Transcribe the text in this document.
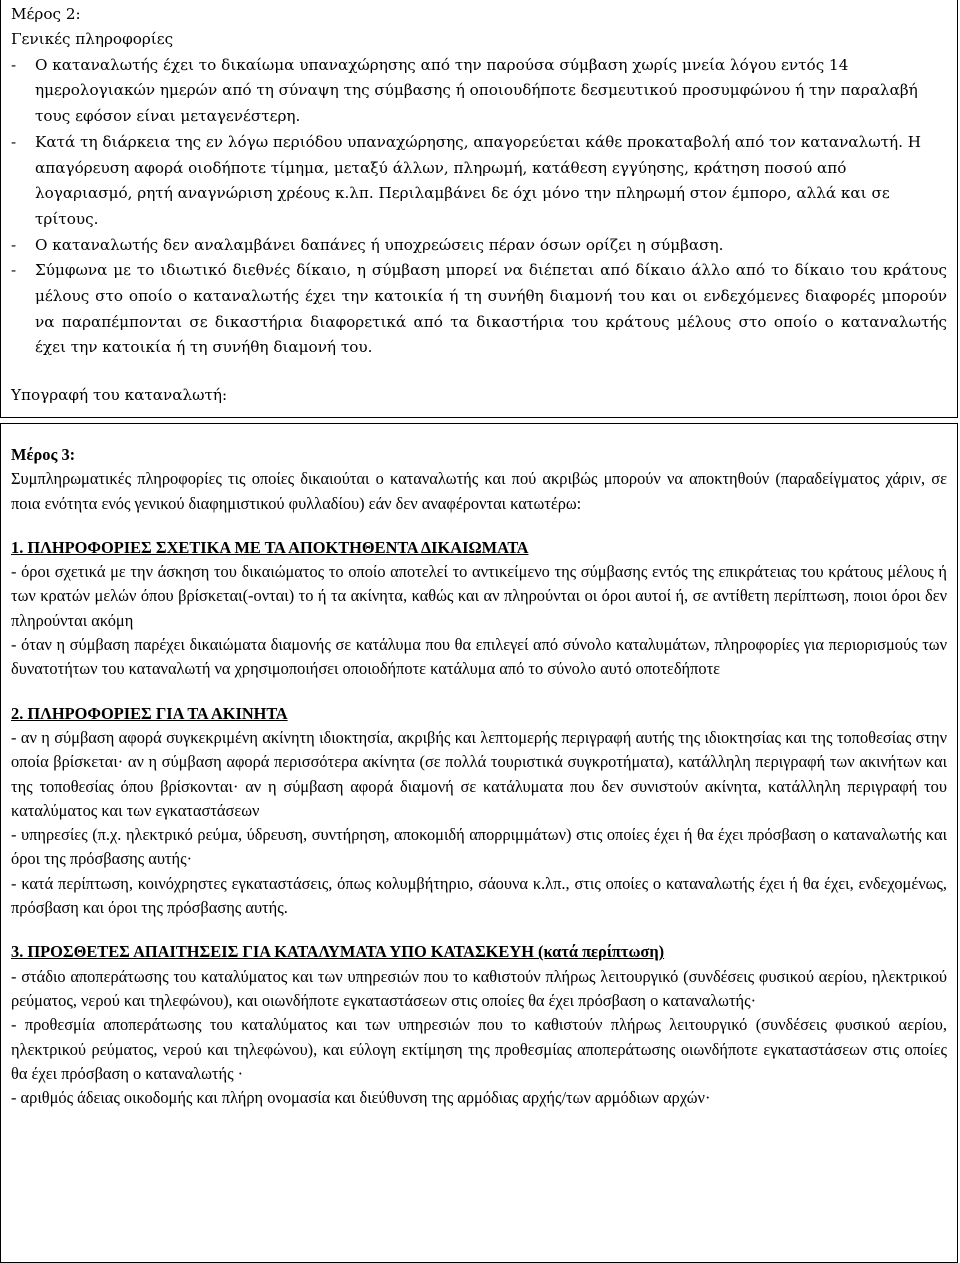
Μέρος 2:
Γενικές πληροφορίες
-	Ο καταναλωτής έχει το δικαίωμα υπαναχώρησης από την παρούσα σύμβαση χωρίς μνεία λόγου εντός 14 ημερολογιακών ημερών από τη σύναψη της σύμβασης ή οποιουδήποτε δεσμευτικού προσυμφώνου ή την παραλαβή τους εφόσον είναι μεταγενέστερη.
-	Κατά τη διάρκεια της εν λόγω περιόδου υπαναχώρησης, απαγορεύεται κάθε προκαταβολή από τον καταναλωτή. Η απαγόρευση αφορά οιοδήποτε τίμημα, μεταξύ άλλων, πληρωμή, κατάθεση εγγύησης, κράτηση ποσού από λογαριασμό, ρητή αναγνώριση χρέους κ.λπ. Περιλαμβάνει δε όχι μόνο την πληρωμή στον έμπορο, αλλά και σε τρίτους.
-	Ο καταναλωτής δεν αναλαμβάνει δαπάνες ή υποχρεώσεις πέραν όσων ορίζει η σύμβαση.
-	Σύμφωνα με το ιδιωτικό διεθνές δίκαιο, η σύμβαση μπορεί να διέπεται από δίκαιο άλλο από το δίκαιο του κράτους μέλους στο οποίο ο καταναλωτής έχει την κατοικία ή τη συνήθη διαμονή του και οι ενδεχόμενες διαφορές μπορούν να παραπέμπονται σε δικαστήρια διαφορετικά από τα δικαστήρια του κράτους μέλους στο οποίο ο καταναλωτής έχει την κατοικία ή τη συνήθη διαμονή του.
Υπογραφή του καταναλωτή:
Μέρος 3:
Συμπληρωματικές πληροφορίες τις οποίες δικαιούται ο καταναλωτής και πού ακριβώς μπορούν να αποκτηθούν (παραδείγματος χάριν, σε ποια ενότητα ενός γενικού διαφημιστικού φυλλαδίου) εάν δεν αναφέρονται κατωτέρω:
1. ΠΛΗΡΟΦΟΡΙΕΣ ΣΧΕΤΙΚΑ ΜΕ ΤΑ ΑΠΟΚΤΗΘΕΝΤΑ ΔΙΚΑΙΩΜΑΤΑ
- όροι σχετικά με την άσκηση του δικαιώματος το οποίο αποτελεί το αντικείμενο της σύμβασης εντός της επικράτειας του κράτους μέλους ή των κρατών μελών όπου βρίσκεται(-ονται) το ή τα ακίνητα, καθώς και αν πληρούνται οι όροι αυτοί ή, σε αντίθετη περίπτωση, ποιοι όροι δεν πληρούνται ακόμη
- όταν η σύμβαση παρέχει δικαιώματα διαμονής σε κατάλυμα που θα επιλεγεί από σύνολο καταλυμάτων, πληροφορίες για περιορισμούς των δυνατοτήτων του καταναλωτή να χρησιμοποιήσει οποιοδήποτε κατάλυμα από το σύνολο αυτό οποτεδήποτε
2. ΠΛΗΡΟΦΟΡΙΕΣ ΓΙΑ ΤΑ ΑΚΙΝΗΤΑ
- αν η σύμβαση αφορά συγκεκριμένη ακίνητη ιδιοκτησία, ακριβής και λεπτομερής περιγραφή αυτής της ιδιοκτησίας και της τοποθεσίας στην οποία βρίσκεται· αν η σύμβαση αφορά περισσότερα ακίνητα (σε πολλά τουριστικά συγκροτήματα), κατάλληλη περιγραφή των ακινήτων και της τοποθεσίας όπου βρίσκονται· αν η σύμβαση αφορά διαμονή σε κατάλυματα που δεν συνιστούν ακίνητα, κατάλληλη περιγραφή του καταλύματος και των εγκαταστάσεων
- υπηρεσίες (π.χ. ηλεκτρικό ρεύμα, ύδρευση, συντήρηση, αποκομιδή απορριμμάτων) στις οποίες έχει ή θα έχει πρόσβαση ο καταναλωτής και όροι της πρόσβασης αυτής·
- κατά περίπτωση, κοινόχρηστες εγκαταστάσεις, όπως κολυμβήτηριο, σάουνα κ.λπ., στις οποίες ο καταναλωτής έχει ή θα έχει, ενδεχομένως, πρόσβαση και όροι της πρόσβασης αυτής.
3. ΠΡΟΣΘΕΤΕΣ ΑΠΑΙΤΗΣΕΙΣ ΓΙΑ ΚΑΤΑΛΥΜΑΤΑ ΥΠΟ ΚΑΤΑΣΚΕΥΗ (κατά περίπτωση)
- στάδιο αποπεράτωσης του καταλύματος και των υπηρεσιών που το καθιστούν πλήρως λειτουργικό (συνδέσεις φυσικού αερίου, ηλεκτρικού ρεύματος, νερού και τηλεφώνου), και οιωνδήποτε εγκαταστάσεων στις οποίες θα έχει πρόσβαση ο καταναλωτής·
- προθεσμία αποπεράτωσης του καταλύματος και των υπηρεσιών που το καθιστούν πλήρως λειτουργικό (συνδέσεις φυσικού αερίου, ηλεκτρικού ρεύματος, νερού και τηλεφώνου), και εύλογη εκτίμηση της προθεσμίας αποπεράτωσης οιωνδήποτε εγκαταστάσεων στις οποίες θα έχει πρόσβαση ο καταναλωτής ·
- αριθμός άδειας οικοδομής και πλήρη ονομασία και διεύθυνση της αρμόδιας αρχής/των αρμόδιων αρχών·
